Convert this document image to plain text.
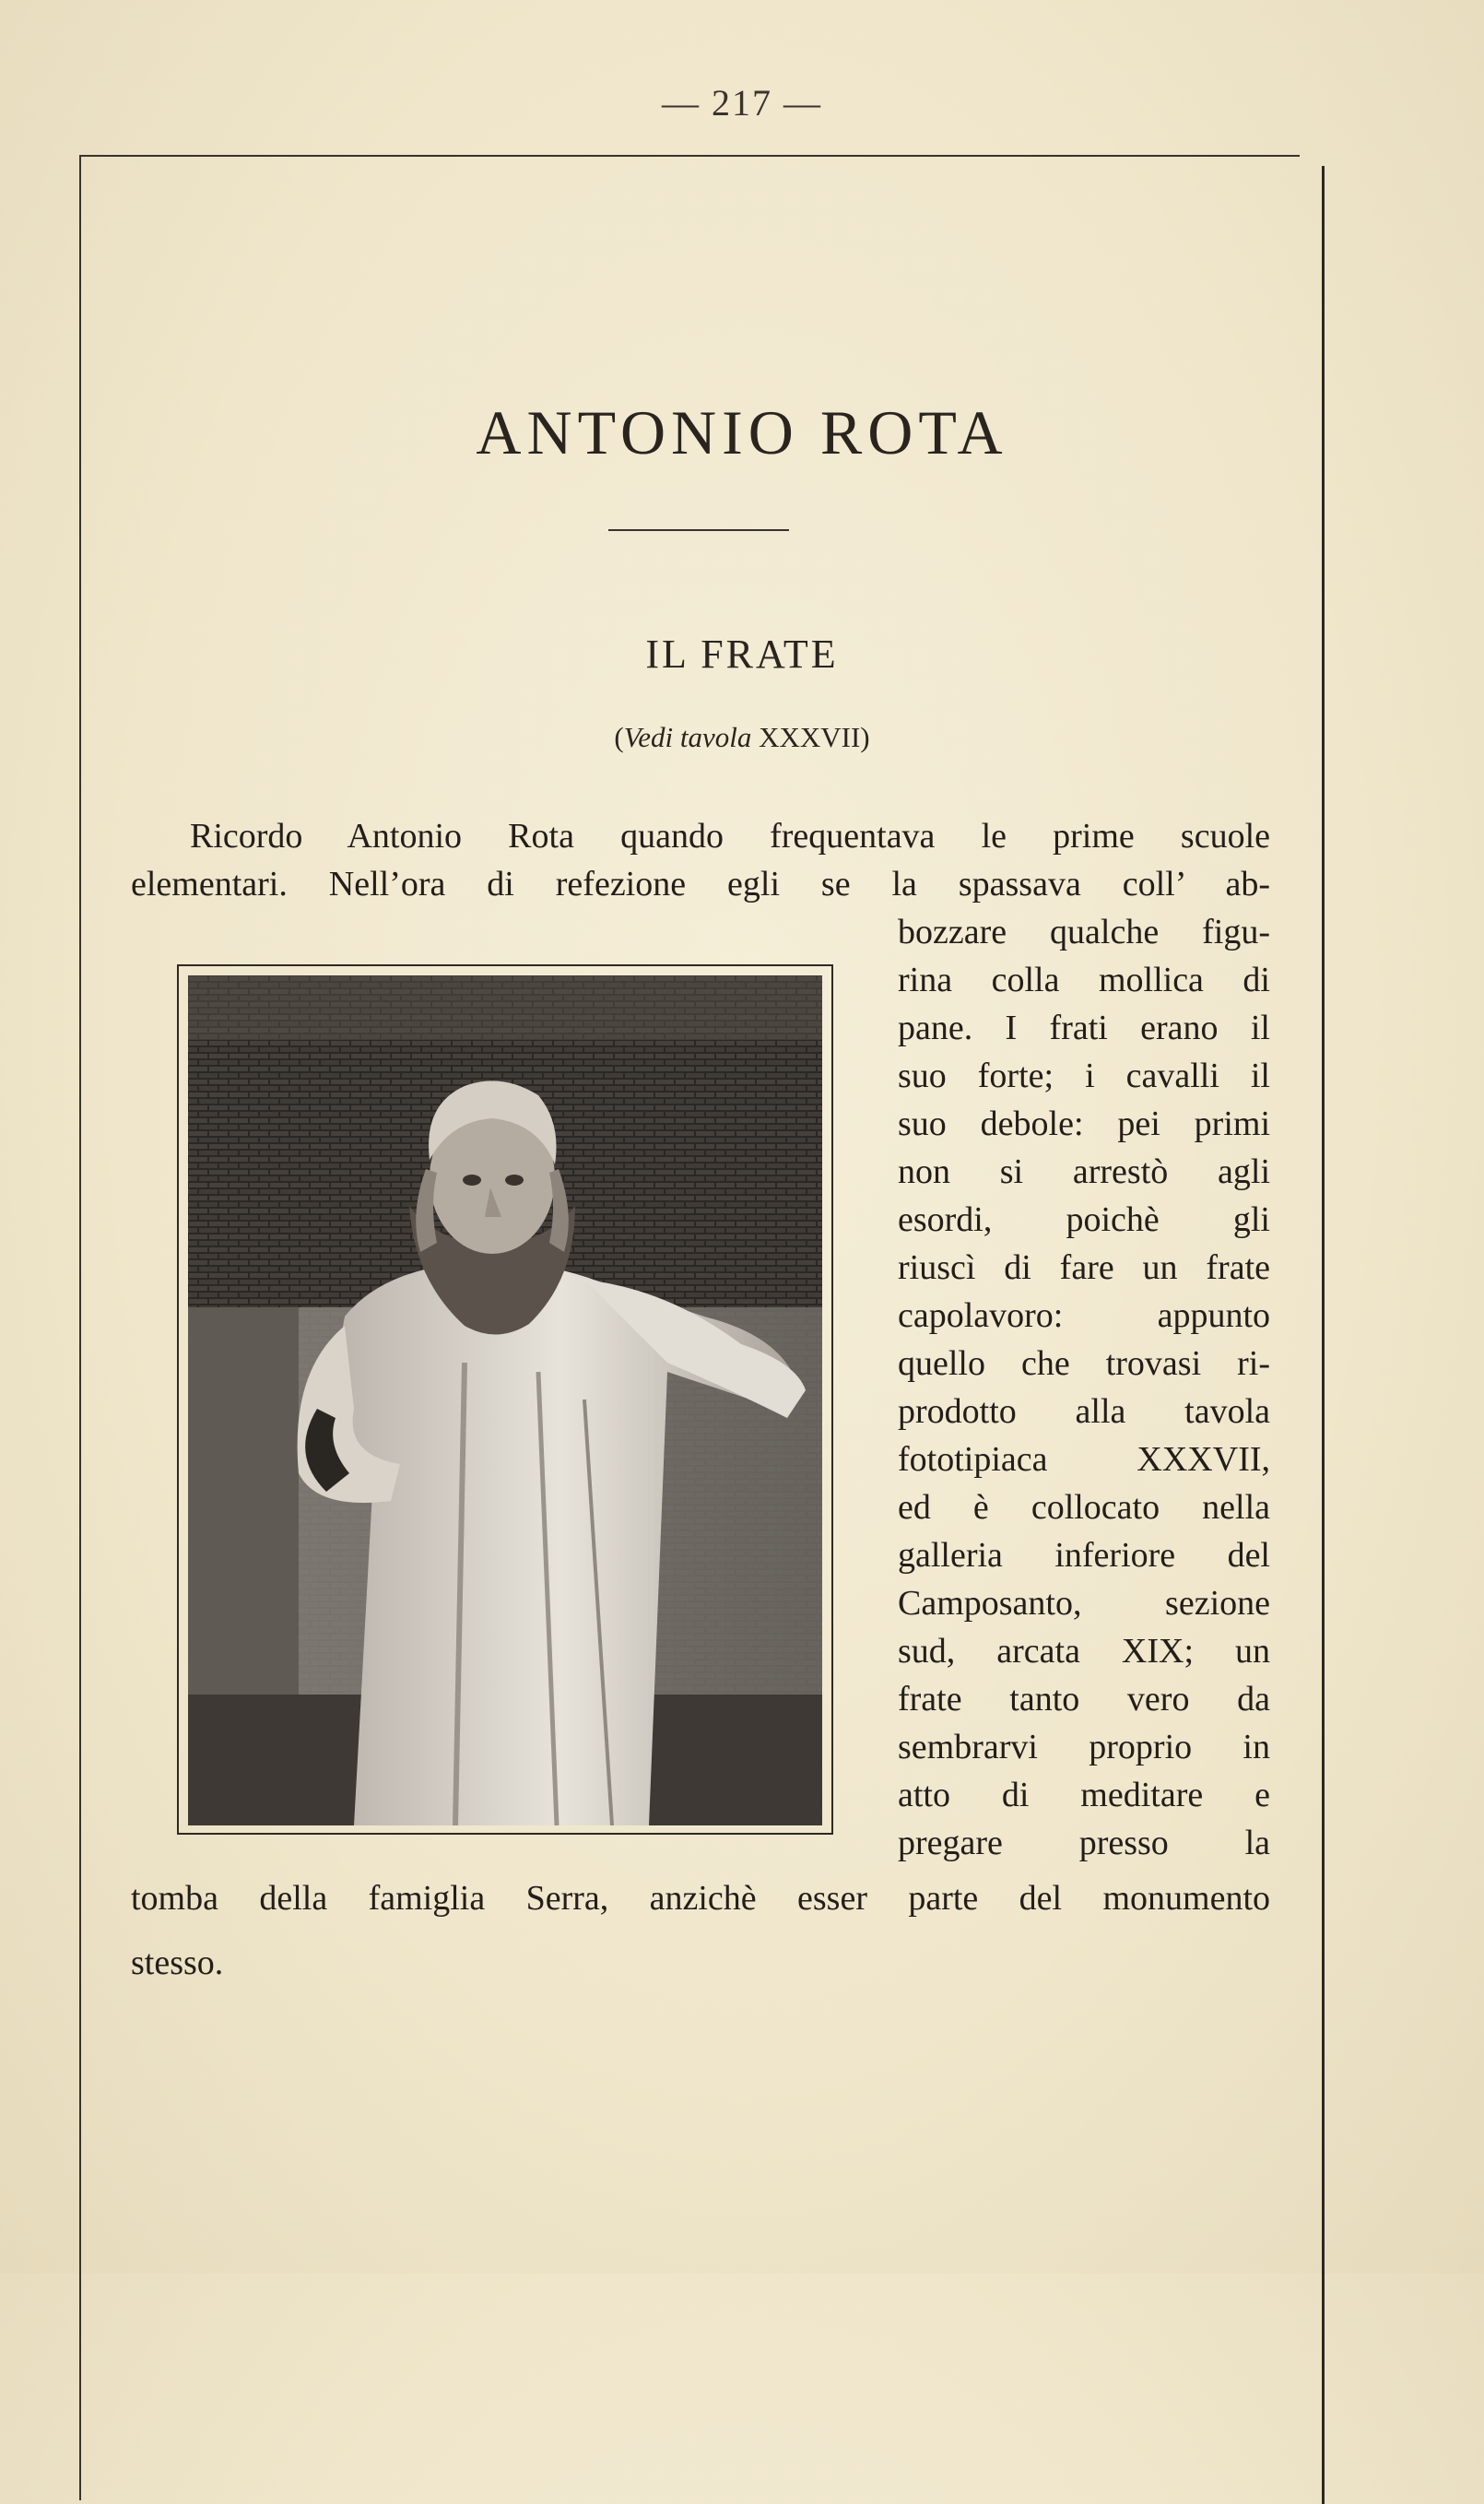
— 217 —
ANTONIO ROTA
IL FRATE
(Vedi tavola XXXVII)
Ricordo Antonio Rota quando frequentava le prime scuole
elementari. Nell’ora di refezione egli se la spassava coll’ ab-
bozzare qualche figu-
rina colla mollica di
pane. I frati erano il
suo forte; i cavalli il
suo debole: pei primi
non si arrestò agli
esordi, poichè gli
riuscì di fare un frate
capolavoro: appunto
quello che trovasi ri-
prodotto alla tavola
fototipiaca XXXVII,
ed è collocato nella
galleria inferiore del
Camposanto, sezione
sud, arcata XIX; un
frate tanto vero da
sembrarvi proprio in
atto di meditare e
pregare presso la
tomba della famiglia Serra, anzichè esser parte del monumento
stesso.
